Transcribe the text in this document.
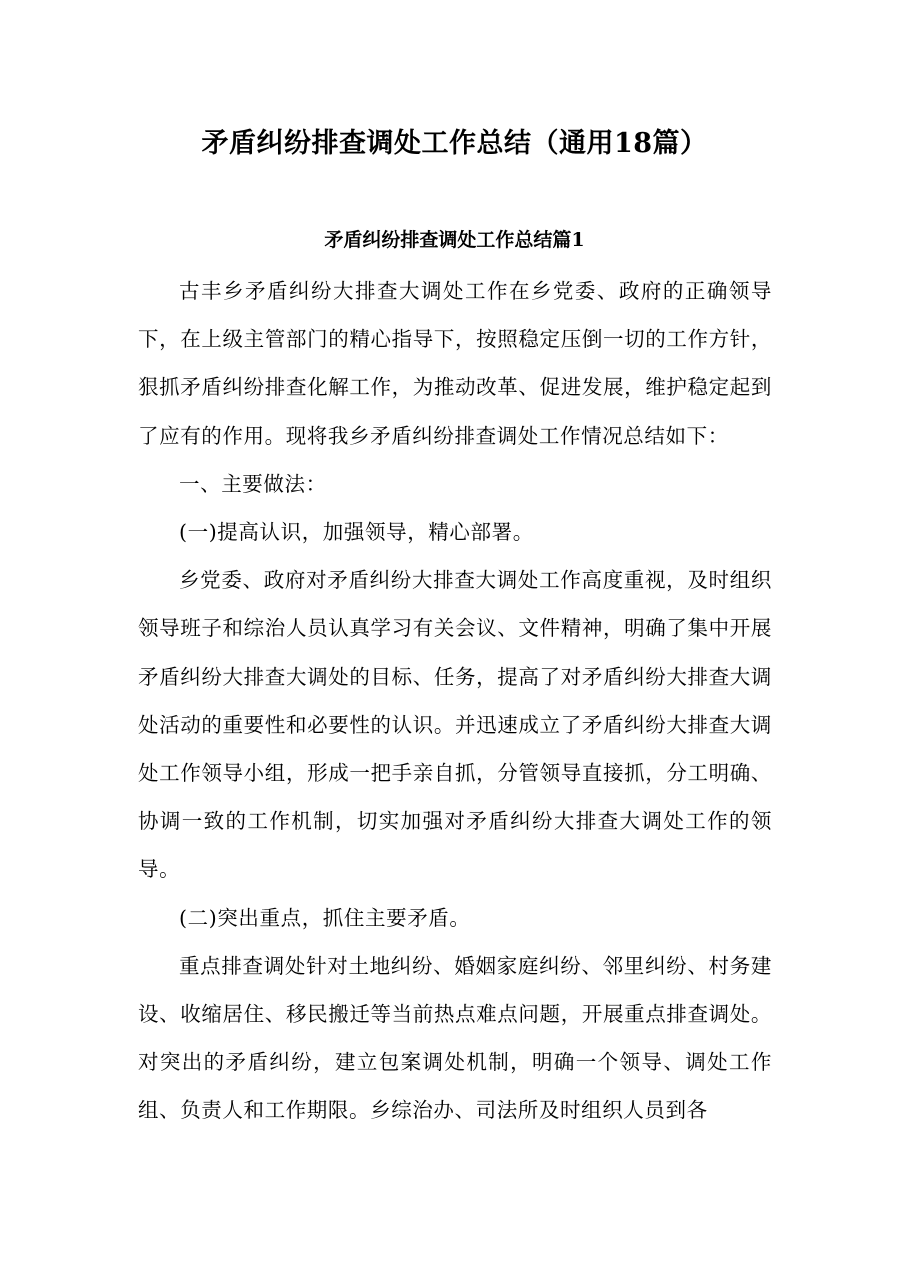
矛盾纠纷排查调处工作总结（通用18篇）
矛盾纠纷排查调处工作总结篇1

古丰乡矛盾纠纷大排查大调处工作在乡党委、政府的正确领导下，在上级主管部门的精心指导下，按照稳定压倒一切的工作方针，狠抓矛盾纠纷排查化解工作，为推动改革、促进发展，维护稳定起到了应有的作用。现将我乡矛盾纠纷排查调处工作情况总结如下：

一、主要做法：

(一)提高认识，加强领导，精心部署。

乡党委、政府对矛盾纠纷大排查大调处工作高度重视，及时组织领导班子和综治人员认真学习有关会议、文件精神，明确了集中开展矛盾纠纷大排查大调处的目标、任务，提高了对矛盾纠纷大排查大调处活动的重要性和必要性的认识。并迅速成立了矛盾纠纷大排查大调处工作领导小组，形成一把手亲自抓，分管领导直接抓，分工明确、协调一致的工作机制，切实加强对矛盾纠纷大排查大调处工作的领导。

(二)突出重点，抓住主要矛盾。

重点排查调处针对土地纠纷、婚姻家庭纠纷、邻里纠纷、村务建设、收缩居住、移民搬迁等当前热点难点问题，开展重点排查调处。对突出的矛盾纠纷，建立包案调处机制，明确一个领导、调处工作组、负责人和工作期限。乡综治办、司法所及时组织人员到各
